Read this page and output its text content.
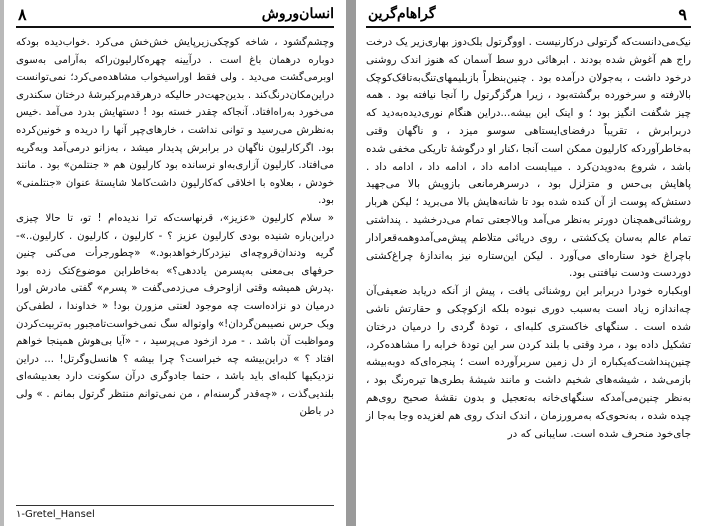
انسان‌وروش
۸

وچشم‌گشود ، شاخه کوچکی‌زیرپایش خش‌خش می‌کرد .خواب‌دیده بودکه دوباره درهمان باغ است . درآیینه چهره‌کارلیون‌راکه به‌آرامی به‌سوی اوبرمی‌گشت می‌دید . ولی فقط اوراسیخواب مشاهده‌می‌کرد؛ نمی‌توانست دراین‌مکان‌درنگ‌کند . بدین‌جهت‌در حالیکه درهرقدم‌برکبرشهٔ درختان سکندری می‌خورد به‌راه‌افتاد. آنجاکه چقدر خسته بود ! دستهایش بدرد می‌آمد .خیس به‌نظرش می‌رسید و توانی نداشت ، خارهای‌چپر آنها را دریده و خونین‌کرده بود. اگرکارلیون ناگهان در برابرش پدیدار میشد ، به‌زانو درمی‌آمد وبه‌گریه می‌افتاد. کارلیون آزاری‌به‌او نرسانده بود کارلیون هم « جنتلمن» بود . مانند خودش ، بعلاوه با اخلاقی که‌کارلیون داشت‌کاملا شایستهٔ عنوان «جنتلمنی» بود.

« سلام کارلیون «عزیز»، قرنهاست‌که ترا ندیده‌ام ! تو، تا حالا چیزی دراین‌باره شنیده بودی کارلیون عزیز ؟ - کارلیون ، کارلیون . کارلیون..»- گریه ودندان‌قروچه‌ای نیزدرکارخواهدبود.» «چطورجرأت می‌کنی چنین حرفهای بی‌معنی به‌پسرمن یاددهی؟» به‌خاطراین موضوع‌کتک زده بود .پدرش همیشه وقتی ازاوحرف می‌زد‌می‌گفت « پسرم» گفتی مادرش اورا درمیان دو نزاده‌است چه موجود لعنتی مزورن بود! « خداوندا ، لطفی‌کن وبک حرس نصیبمن‌گردان!» واوتواله سگ نمی‌خواست‌تامجبور به‌تربیت‌کردن ومواظبت آن باشد . - مرد ازخود می‌پرسید ، - «آیا بی‌هوش همینجا خواهم افتاد ؟ » دراین‌بیشه چه خبراست؟ چرا بیشه ؟ هانسل‌وگرتل! ... دراین نزدیکیها کلبه‌ای باید باشد ، حتما جادوگری درآن سکونت دارد بعدبیشه‌ای بلندیی‌گذت ، «چه‌قدر گرسنه‌ام ، من نمی‌توانم منتظر گرتول بمانم . » ولی در باطن

١-Gretel_Hansel
گراهام‌گرین	۹

نیک‌می‌دانست‌که گرتولی درکارنیست . اووگرتول بلک‌دوز بهاری‌زیر یک درخت راج هم آغوش شده بودند . ابرهائی درو سط آسمان که هنوز اندک روشنی درخود داشت ، به‌جولان درآمده بود . چنین‌بنظراً بازبلیمهای‌تنگ‌به‌تاقک‌کوچک بالارفته و سرخورده برگشته‌بود ، زیرا هرگزگرتول را آنجا نیافته بود . همه چیز شگفت انگیز بود ؛ و اینک این بیشه...دراین هنگام نوری‌دیده‌به‌دید که دربرابرش ، تقریباً درفضای‌ایستاهی سوسو میزد ، و ناگهان وقتی به‌خاطرآورد‌که کارلیون ممکن است آنجا ،کنار او درگوشهٔ تاریکی مخفی شده باشد ، شروع به‌دویدن‌کرد . میبایست ادامه داد ، ادامه داد ، ادامه داد . پاهایش بی‌حس و متزلزل بود ، درسرهرمانعی بازویش بالا می‌جهید دستش‌که پوست از آن کنده شده بود تا شانه‌هایش بالا می‌برید ؛ لیکن هربار روشنائی‌همچنان دورتر به‌نظر می‌آمد وبالاجعتی تمام می‌درخشید . پنداشتی تمام عالم به‌سان یک‌کشتی ، روی دریائی متلاطم پیش‌می‌آمدوهمه‌قعرادار باچراغ خود ستاره‌ای می‌آورد . لیکن این‌ستاره نیز به‌اندازهٔ چراغ‌کشتی دوردست ودست نیافتنی بود.

اوبکباره خودرا دربرابر این روشنائی یافت ، پیش از آنکه دریابد ضعیفی‌آن چه‌اندازه زیاد است به‌سبب دوری نبوده بلکه ازکوچکی و حقارتش ناشی شده است . سنگهای خاکستری کلبه‌ای ، تودهٔ گردی را درمیان درختان تشکیل داده بود ، مرد وقتی با بلند کردن سر این تودهٔ خرابه را مشاهده‌کرد، چنین‌پنداشت‌که‌یکباره از دل زمین سربرآورده است ؛ پنجره‌ای‌که دوبه‌بیشه بازمی‌شد ، شیشه‌های شخیم داشت و مانند شیشهٔ بطری‌ها تیره‌رنگ بود ، به‌نظر چنین‌می‌آمدکه سنگهای‌خانه به‌تعجیل و بدون نقشهٔ صحیح روی‌هم چیده شده ، به‌نحوی‌که به‌مرورزمان ، اندک اندک روی هم لغزیده وجا به‌جا از جای‌خود منحرف شده است. سایبانی که در
